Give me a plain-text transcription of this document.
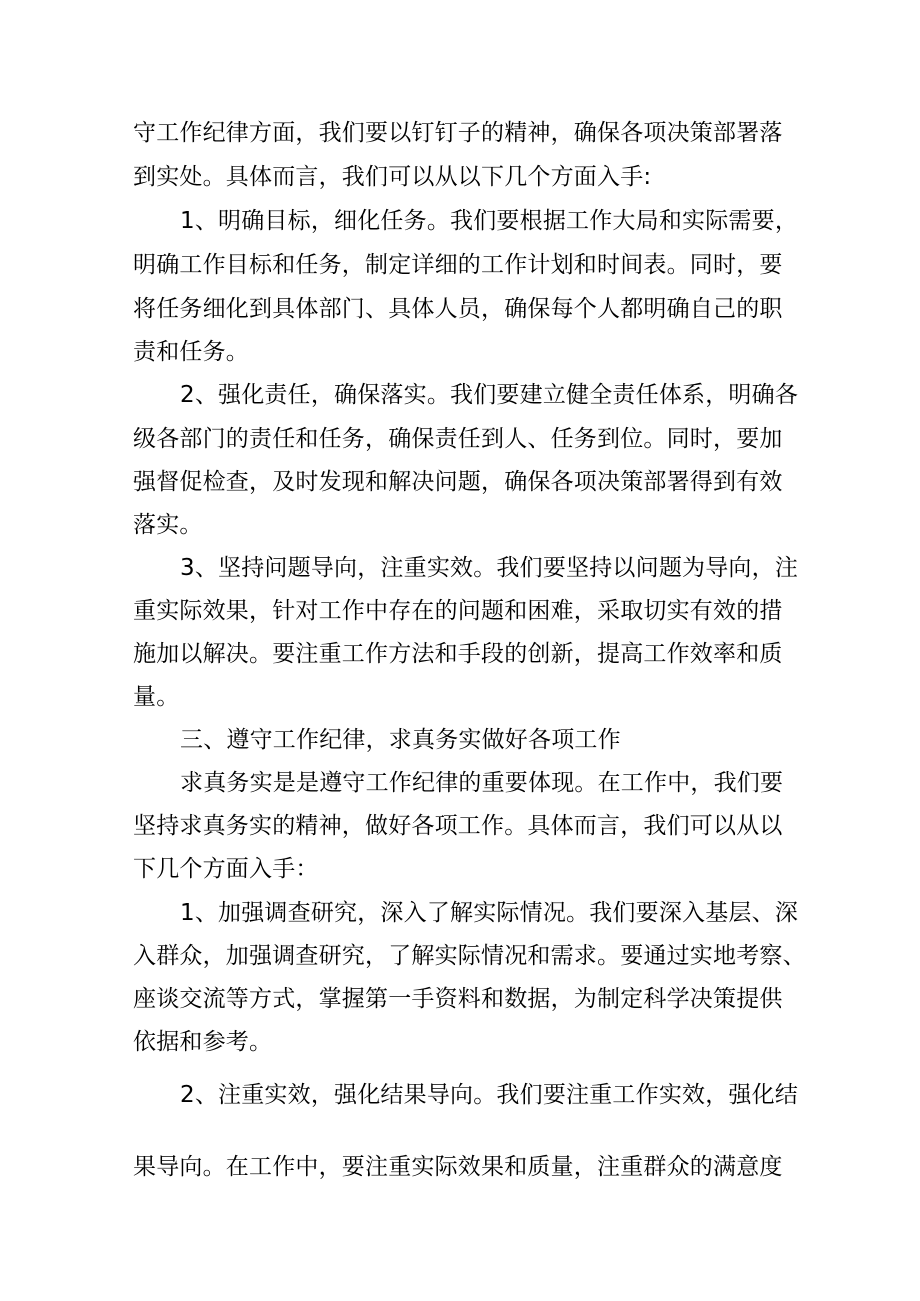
守工作纪律方面，我们要以钉钉子的精神，确保各项决策部署落
到实处。具体而言，我们可以从以下几个方面入手:
1、明确目标，细化任务。我们要根据工作大局和实际需要，
明确工作目标和任务，制定详细的工作计划和时间表。同时，要
将任务细化到具体部门、具体人员，确保每个人都明确自己的职
责和任务。
2、强化责任，确保落实。我们要建立健全责任体系，明确各
级各部门的责任和任务，确保责任到人、任务到位。同时，要加
强督促检查，及时发现和解决问题，确保各项决策部署得到有效
落实。
3、坚持问题导向，注重实效。我们要坚持以问题为导向，注
重实际效果，针对工作中存在的问题和困难，采取切实有效的措
施加以解决。要注重工作方法和手段的创新，提高工作效率和质
量。
三、遵守工作纪律，求真务实做好各项工作
求真务实是是遵守工作纪律的重要体现。在工作中，我们要
坚持求真务实的精神，做好各项工作。具体而言，我们可以从以
下几个方面入手：
1、加强调查研究，深入了解实际情况。我们要深入基层、深
入群众，加强调查研究，了解实际情况和需求。要通过实地考察、
座谈交流等方式，掌握第一手资料和数据，为制定科学决策提供
依据和参考。
2、注重实效，强化结果导向。我们要注重工作实效，强化结
果导向。在工作中，要注重实际效果和质量，注重群众的满意度
